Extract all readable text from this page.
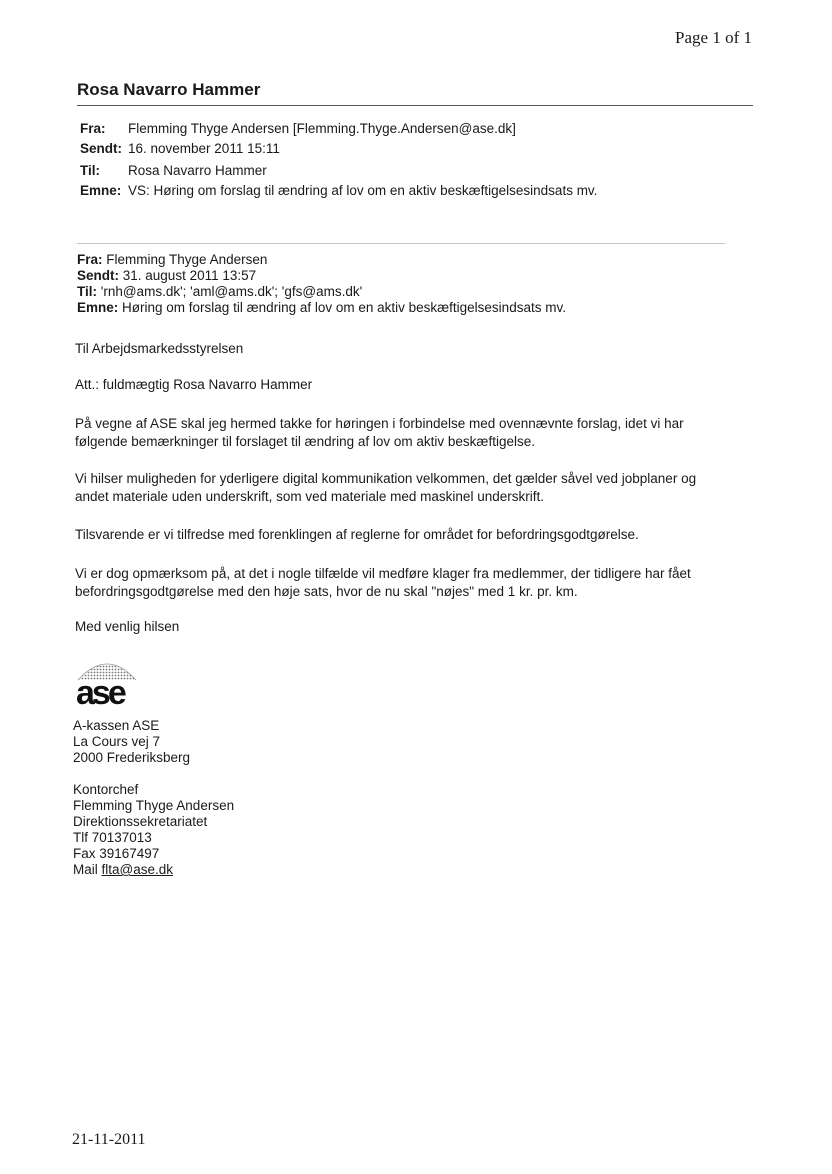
Page 1 of 1
Rosa Navarro Hammer
Fra:	Flemming Thyge Andersen [Flemming.Thyge.Andersen@ase.dk]
Sendt: 16. november 2011 15:11
Til:	Rosa Navarro Hammer
Emne: VS: Høring om forslag til ændring af lov om en aktiv beskæftigelsesindsats mv.
Fra: Flemming Thyge Andersen
Sendt: 31. august 2011 13:57
Til: 'rnh@ams.dk'; 'aml@ams.dk'; 'gfs@ams.dk'
Emne: Høring om forslag til ændring af lov om en aktiv beskæftigelsesindsats mv.
Til Arbejdsmarkedsstyrelsen
Att.: fuldmægtig Rosa Navarro Hammer
På vegne af ASE skal jeg hermed takke for høringen i forbindelse med ovennævnte forslag, idet vi har følgende bemærkninger til forslaget til ændring af lov om aktiv beskæftigelse.
Vi hilser muligheden for yderligere digital kommunikation velkommen, det gælder såvel ved jobplaner og andet materiale uden underskrift, som ved materiale med maskinel underskrift.
Tilsvarende er vi tilfredse med forenklingen af reglerne for området for befordringsgodtgørelse.
Vi er dog opmærksom på, at det i nogle tilfælde vil medføre klager fra medlemmer, der tidligere har fået befordringsgodtgørelse med den høje sats, hvor de nu skal "nøjes" med 1 kr. pr. km.
Med venlig hilsen
ase
A-kassen ASE
La Cours vej 7
2000 Frederiksberg
Kontorchef
Flemming Thyge Andersen
Direktionssekretariatet
Tlf 70137013
Fax 39167497
Mail flta@ase.dk
21-11-2011
